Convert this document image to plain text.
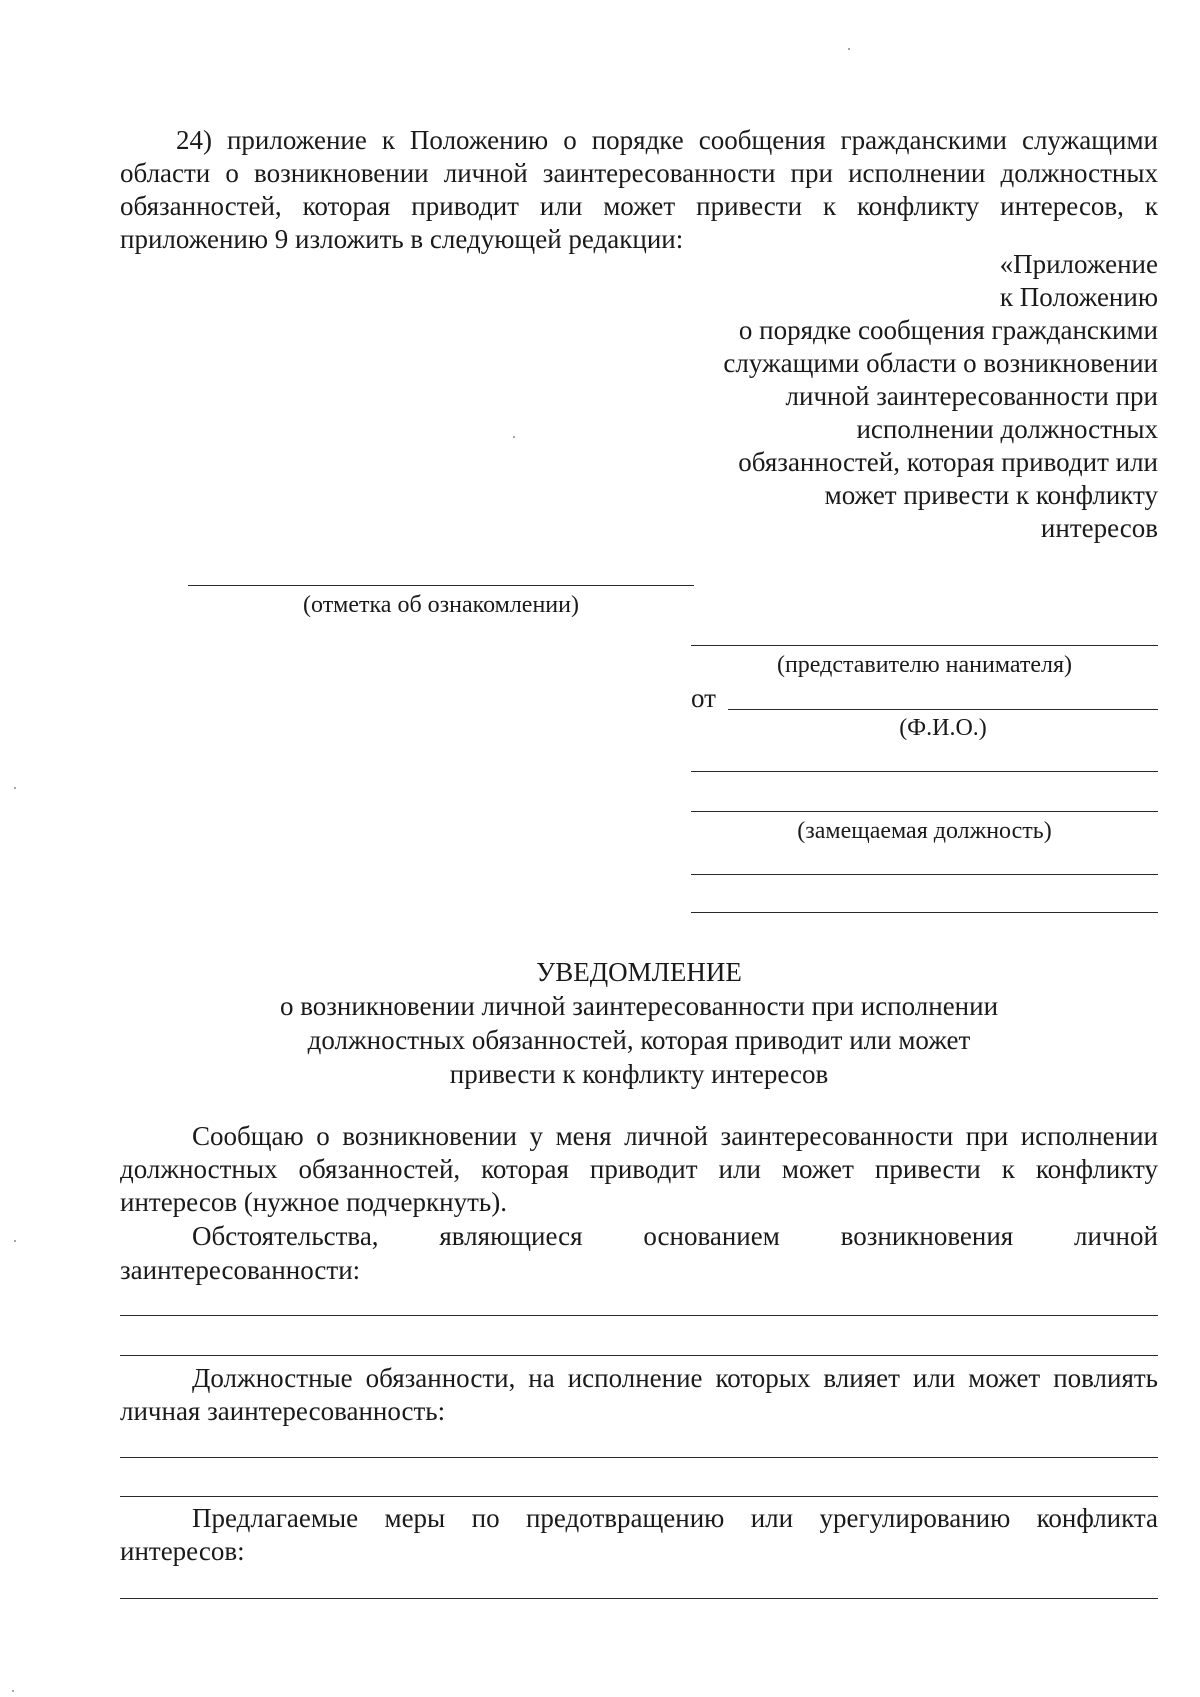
24) приложение к Положению о порядке сообщения гражданскими служащими области о возникновении личной заинтересованности при исполнении должностных обязанностей, которая приводит или может привести к конфликту интересов, к приложению 9 изложить в следующей редакции:

«Приложение
к Положению
о порядке сообщения гражданскими
служащими области о возникновении
личной заинтересованности при
исполнении должностных
обязанностей, которая приводит или
может привести к конфликту
интересов
(отметка об ознакомлении)
(представителю нанимателя)
от
(Ф.И.О.)
(замещаемая должность)
УВЕДОМЛЕНИЕ
о возникновении личной заинтересованности при исполнении
должностных обязанностей, которая приводит или может
привести к конфликту интересов

Сообщаю о возникновении у меня личной заинтересованности при исполнении должностных обязанностей, которая приводит или может привести к конфликту интересов (нужное подчеркнуть).

Обстоятельства, являющиеся основанием возникновения личной
заинтересованности:

Должностные обязанности, на исполнение которых влияет или может повлиять личная заинтересованность:

Предлагаемые меры по предотвращению или урегулированию конфликта интересов:
